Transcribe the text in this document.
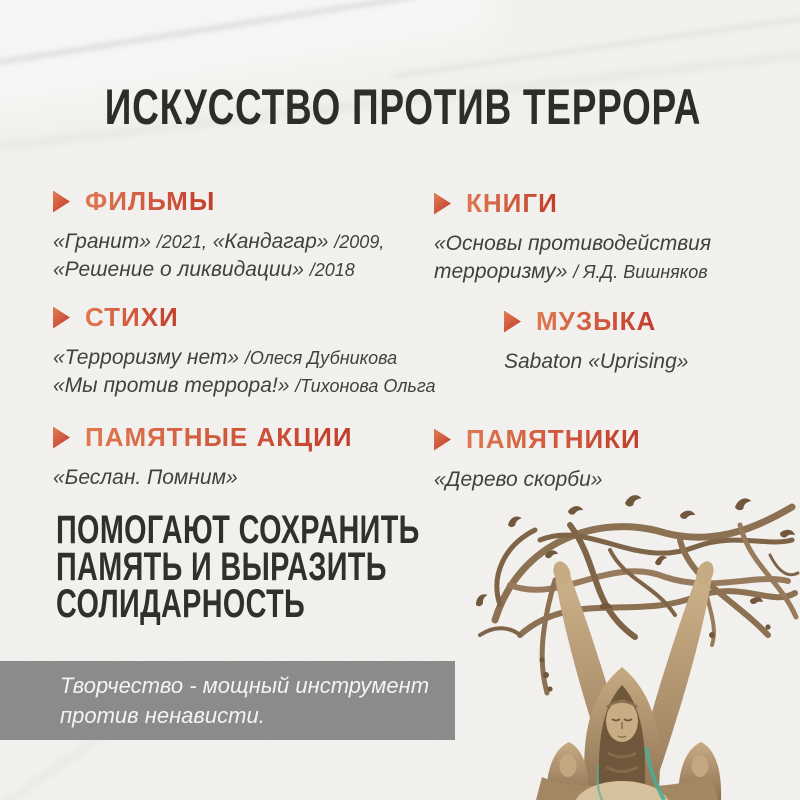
ИСКУССТВО ПРОТИВ ТЕРРОРА
ФИЛЬМЫ
«Гранит» /2021, «Кандагар» /2009,
«Решение о ликвидации» /2018
КНИГИ
«Основы противодействия
терроризму» / Я.Д. Вишняков
СТИХИ
«Терроризму нет» /Олеся Дубникова
«Мы против террора!» /Тихонова Ольга
МУЗЫКА
Sabaton «Uprising»
ПАМЯТНЫЕ АКЦИИ
«Беслан. Помним»
ПАМЯТНИКИ
«Дерево скорби»
ПОМОГАЮТ СОХРАНИТЬ
ПАМЯТЬ И ВЫРАЗИТЬ
СОЛИДАРНОСТЬ
Творчество - мощный инструмент
против ненависти.
